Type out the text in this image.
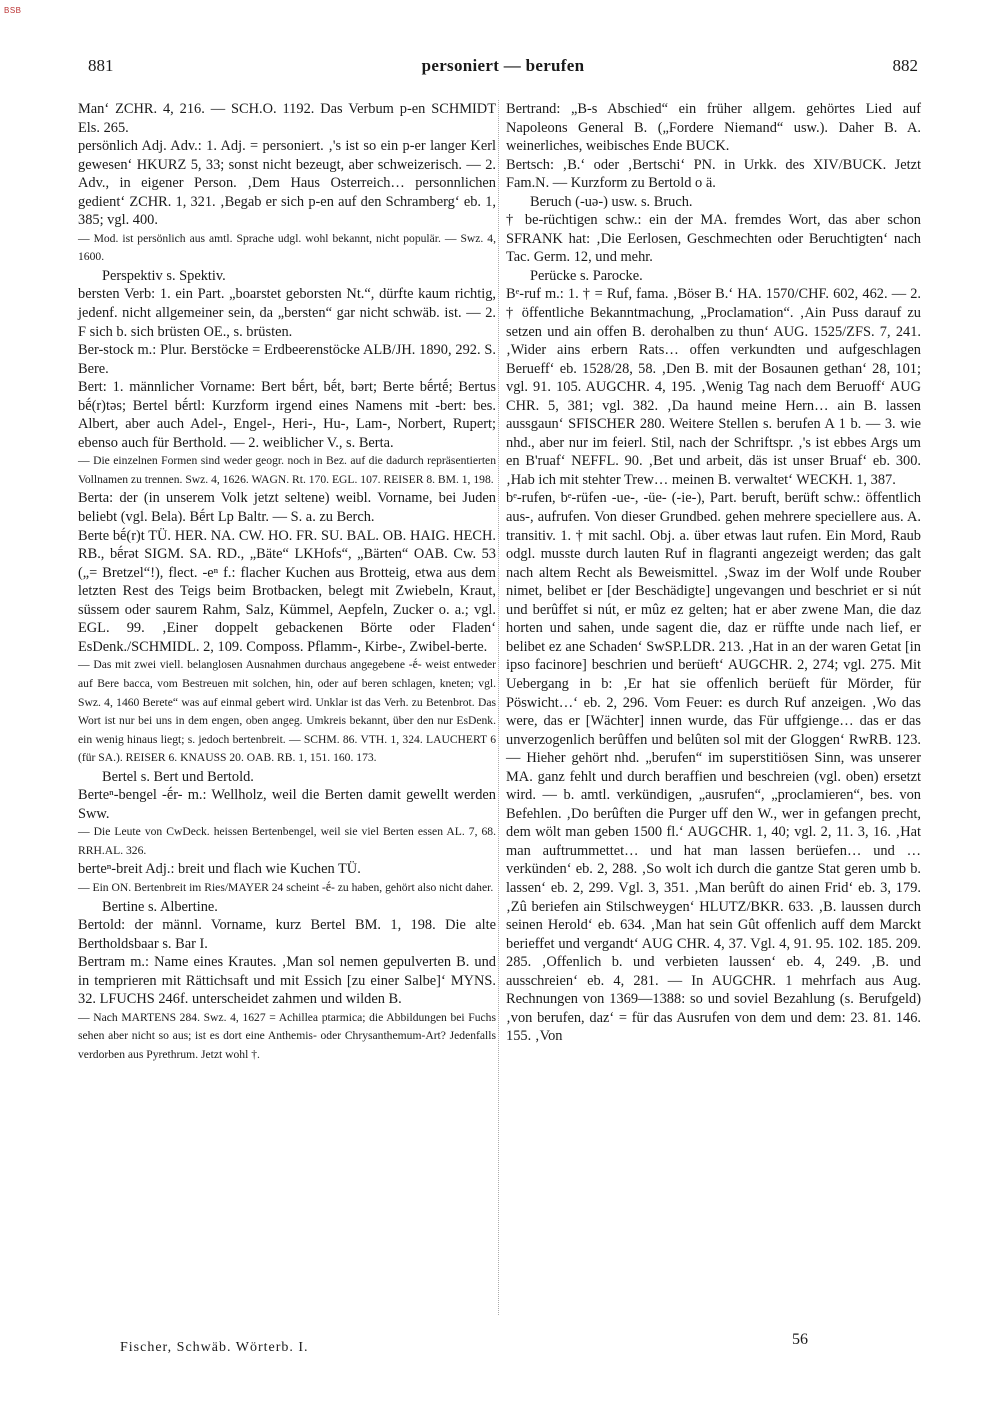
BSB
881	personiert — berufen	882

Man‘ ZCHR. 4, 216. — SCH.O. 1192. Das Verbum p-en SCHMIDT Els. 265.

persönlich Adj. Adv.: 1. Adj. = personiert. ‚'s ist so ein p-er langer Kerl gewesen‘ HKURZ 5, 33; sonst nicht bezeugt, aber schweizerisch. — 2. Adv., in eigener Person. ‚Dem Haus Osterreich… personnlichen gedient‘ ZCHR. 1, 321. ‚Begab er sich p-en auf den Schramberg‘ eb. 1, 385; vgl. 400.

— Mod. ist persönlich aus amtl. Sprache udgl. wohl bekannt, nicht populär. — Swz. 4, 1600.

Perspektiv s. Spektiv.

bersten Verb: 1. ein Part. „boarstet geborsten Nt.“, dürfte kaum richtig, jedenf. nicht allgemeiner sein, da „bersten“ gar nicht schwäb. ist. — 2. F sich b. sich brüsten OE., s. brüsten.

Ber-stock m.: Plur. Berstöcke = Erdbeerenstöcke ALB/JH. 1890, 292. S. Bere.

Bert: 1. männlicher Vorname: Bert bḗrt, bḗt, bərt; Berte bḗrtḗ; Bertus bḗ(r)təs; Bertel bḗrtl: Kurzform irgend eines Namens mit -bert: bes. Albert, aber auch Adel-, Engel-, Heri-, Hu-, Lam-, Norbert, Rupert; ebenso auch für Berthold. — 2. weiblicher V., s. Berta.

— Die einzelnen Formen sind weder geogr. noch in Bez. auf die dadurch repräsentierten Vollnamen zu trennen. Swz. 4, 1626. WAGN. Rt. 170. EGL. 107. REISER 8. BM. 1, 198.

Berta: der (in unserem Volk jetzt seltene) weibl. Vorname, bei Juden beliebt (vgl. Bela). Bḗrt Lp Baltr. — S. a. zu Berch.

Berte bḗ(r)t TÜ. HER. NA. CW. HO. FR. SU. BAL. OB. HAIG. HECH. RB., bḗrət SIGM. SA. RD., „Bäte“ LKHofs“, „Bärten“ OAB. Cw. 53 („= Bretzel“!), flect. -eⁿ f.: flacher Kuchen aus Brotteig, etwa aus dem letzten Rest des Teigs beim Brotbacken, belegt mit Zwiebeln, Kraut, süssem oder saurem Rahm, Salz, Kümmel, Aepfeln, Zucker o. a.; vgl. EGL. 99. ‚Einer doppelt gebackenen Börte oder Fladen‘ EsDenk./SCHMIDL. 2, 109. Composs. Pflamm-, Kirbe-, Zwibel-berte.

— Das mit zwei viell. belanglosen Ausnahmen durchaus angegebene -ḗ- weist entweder auf Bere bacca, vom Bestreuen mit solchen, hin, oder auf beren schlagen, kneten; vgl. Swz. 4, 1460 Berete“ was auf einmal gebert wird. Unklar ist das Verh. zu Betenbrot. Das Wort ist nur bei uns in dem engen, oben angeg. Umkreis bekannt, über den nur EsDenk. ein wenig hinaus liegt; s. jedoch bertenbreit. — SCHM. 86. VTH. 1, 324. LAUCHERT 6 (für SA.). REISER 6. KNAUSS 20. OAB. RB. 1, 151. 160. 173.

Bertel s. Bert und Bertold.

Berteⁿ-bengel -ḗr- m.: Wellholz, weil die Berten damit gewellt werden Sww.

— Die Leute von CwDeck. heissen Bertenbengel, weil sie viel Berten essen AL. 7, 68. RRH.AL. 326.

berteⁿ-breit Adj.: breit und flach wie Kuchen TÜ.

— Ein ON. Bertenbreit im Ries/MAYER 24 scheint -ḗ- zu haben, gehört also nicht daher.

Bertine s. Albertine.

Bertold: der männl. Vorname, kurz Bertel BM. 1, 198. Die alte Bertholdsbaar s. Bar I.

Bertram m.: Name eines Krautes. ‚Man sol nemen gepulverten B. und in temprieren mit Rättichsaft und mit Essich [zu einer Salbe]‘ MYNS. 32. LFUCHS 246f. unterscheidet zahmen und wilden B.

— Nach MARTENS 284. Swz. 4, 1627 = Achillea ptarmica; die Abbildungen bei Fuchs sehen aber nicht so aus; ist es dort eine Anthemis- oder Chrysanthemum-Art? Jedenfalls verdorben aus Pyrethrum. Jetzt wohl †.

Bertrand: „B-s Abschied“ ein früher allgem. gehörtes Lied auf Napoleons General B. („Fordere Niemand“ usw.). Daher B. A. weinerliches, weibisches Ende BUCK.

Bertsch: ‚B.‘ oder ‚Bertschi‘ PN. in Urkk. des XIV/BUCK. Jetzt Fam.N. — Kurzform zu Bertold o ä.

Beruch (-uə-) usw. s. Bruch.

† be-rüchtigen schw.: ein der MA. fremdes Wort, das aber schon SFRANK hat: ‚Die Eerlosen, Geschmechten oder Beruchtigten‘ nach Tac. Germ. 12, und mehr.

Perücke s. Parocke.

Bᵉ-ruf m.: 1. † = Ruf, fama. ‚Böser B.‘ HA. 1570/CHF. 602, 462. — 2. † öffentliche Bekanntmachung, „Proclamation“. ‚Ain Puss darauf zu setzen und ain offen B. derohalben zu thun‘ AUG. 1525/ZFS. 7, 241. ‚Wider ains erbern Rats… offen verkundten und aufgeschlagen Berueff‘ eb. 1528/28, 58. ‚Den B. mit der Bosaunen gethan‘ 28, 101; vgl. 91. 105. AUGCHR. 4, 195. ‚Wenig Tag nach dem Beruoff‘ AUG CHR. 5, 381; vgl. 382. ‚Da haund meine Hern… ain B. lassen aussgaun‘ SFISCHER 280. Weitere Stellen s. berufen A 1 b. — 3. wie nhd., aber nur im feierl. Stil, nach der Schriftspr. ‚'s ist ebbes Args um en B'ruaf‘ NEFFL. 90. ‚Bet und arbeit, däs ist unser Bruaf‘ eb. 300. ‚Hab ich mit stehter Trew… meinen B. verwaltet‘ WECKH. 1, 387.

bᵉ-rufen, bᵉ-rüfen -ue-, -üe- (-ie-), Part. beruft, berüft schw.: öffentlich aus-, aufrufen. Von dieser Grundbed. gehen mehrere speciellere aus. A. transitiv. 1. † mit sachl. Obj. a. über etwas laut rufen. Ein Mord, Raub odgl. musste durch lauten Ruf in flagranti angezeigt werden; das galt nach altem Recht als Beweismittel. ‚Swaz im der Wolf unde Rouber nimet, belibet er [der Beschädigte] ungevangen und beschriet er si nút und berûffet si nút, er mûz ez gelten; hat er aber zwene Man, die daz horten und sahen, unde sagent die, daz er rüffte unde nach lief, er belibet ez ane Schaden‘ SwSP.LDR. 213. ‚Hat in an der waren Getat [in ipso facinore] beschrien und berüeft‘ AUGCHR. 2, 274; vgl. 275. Mit Uebergang in b: ‚Er hat sie offenlich berüeft für Mörder, für Pöswicht…‘ eb. 2, 296. Vom Feuer: es durch Ruf anzeigen. ‚Wo das were, das er [Wächter] innen wurde, das Für uffgienge… das er das unverzogenlich berûffen und belûten sol mit der Gloggen‘ RwRB. 123. — Hieher gehört nhd. „berufen“ im superstitiösen Sinn, was unserer MA. ganz fehlt und durch beraffien und beschreien (vgl. oben) ersetzt wird. — b. amtl. verkündigen, „ausrufen“, „proclamieren“, bes. von Befehlen. ‚Do berûften die Purger uff den W., wer in gefangen precht, dem wölt man geben 1500 fl.‘ AUGCHR. 1, 40; vgl. 2, 11. 3, 16. ‚Hat man auftrummettet… und hat man lassen berüefen… und … verkünden‘ eb. 2, 288. ‚So wolt ich durch die gantze Stat geren umb b. lassen‘ eb. 2, 299. Vgl. 3, 351. ‚Man berûft do ainen Frid‘ eb. 3, 179. ‚Zû beriefen ain Stilschweygen‘ HLUTZ/BKR. 633. ‚B. laussen durch seinen Herold‘ eb. 634. ‚Man hat sein Gût offenlich auff dem Marckt berieffet und vergandt‘ AUG CHR. 4, 37. Vgl. 4, 91. 95. 102. 185. 209. 285. ‚Offenlich b. und verbieten laussen‘ eb. 4, 249. ‚B. und ausschreien‘ eb. 4, 281. — In AUGCHR. 1 mehrfach aus Aug. Rechnungen von 1369—1388: so und soviel Bezahlung (s. Berufgeld) ‚von berufen, daz‘ = für das Ausrufen von dem und dem: 23. 81. 146. 155. ‚Von

Fischer, Schwäb. Wörterb. I.	56
